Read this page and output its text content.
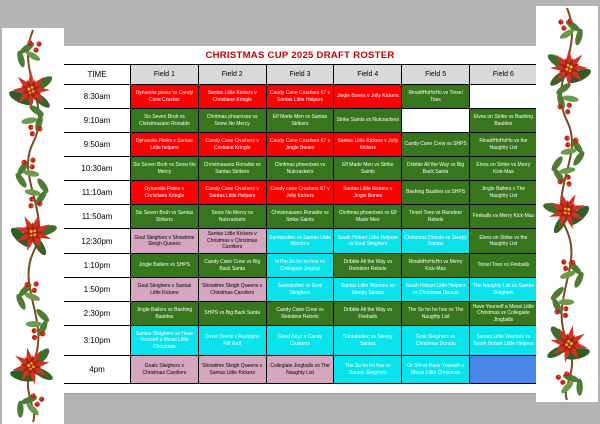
CHRISTMAS CUP 2025 DRAFT ROSTER
TIME	Field 1	Field 2	Field 3	Field 4	Field 5	Field 6
8:30am	Dynamite pixies vs Candy Cane Crusher	Santas Little Kickers v Christiano Kringle	Candy Cane Crushers 67 v Santas Little Helpers	Jingle Bones v Jolly Kickers	RinaldHoHoHo vs Tinsel Toes	
9:10am	Six Seven Bruh vs Christmasano Ronaldo	Chritmas phoenixes vs Snow No Mercy	Elf Made Men vs Santas Strikers	Strike Saints vs Nutcrackers		Elves on Strike vs Bashing Baubles
9:50am	Dynamite Pixies v Santas Little helpers	Candy Cane Crushers v Cristiano Kringle	Candy Cane Crushers 67 v Jingle Bones	Santas Little Kickers v Jolly Kickers	Candy Cane Crew vs SHPS	RinaldHoHoHo vs the Naughty List
10:30am	Six Seven Bruh vs Snow No Mercy	Christmasano Ronaldo vs Santas Strikers	Chritmas phoenixes vs Nutcrackers	Elf Made Men vs Strike Saints	Dribble All the Way vs Big Back Santa	Elves on Strike vs Merry Kick-Mas
11:10am	Dynamite Pixies v Christiano Kringle	Candy Cane Crushers v Santas Little Helpers	Candy cane Crushers 67 v Jolly Kickers	Santas Little Kickers v Jingle Bones	Bashing Baubles vs SHPS	Jingle Ballers v The Naughty List
11:50am	Six Seven Bruh vs Santas Strikers	Snow No Mercy vs Nutcrackers	Christmasano Ronaldo vs Strike Saints	Chritmas phoenixes vs Elf Made Men	Tinsel Toes vs Reindeer Rebels	Fireballs vs Merry Kick-Mas
12:30pm	Goal Sleighers v Showtime Sleigh Queens	Santas Little Kickers v Christmas v Christmas Carollers	Santaboltec vs Santas Little Warriors	South Hobart Little Helpers vs Goal Sleighers	Christmas Donuts vs Sleepy Santas	Elves on Strike vs the Naughty List
1:10pm	Jingle Ballers vs SHPS	Candy Cane Crew vs Big Back Santa	IsThe So ho ho hos vs Collegiate Jingbal	Dribble All the Way vs Reindeer Rebels	RinaldHoHoHo vs Merry Kick-Mas	Tinsel Toes vs Fireballs
1:50pm	Goal Sleighers v Santas Little Kickers	Showtime Sleigh Queens v Christmas Carollers	Santaboltec vs Goal Sleighers	Santas Little Warriors vs Sleepy Santas	South Hobart Little Helpers vs Christmas Donuts	The Naughty List vs Santas Sleighers
2:30pm	Jingle Ballers vs Bashing Baubles	SHPS vs Big Back Santa	Candy Cane Crew vs Reindeer Rebels	Dribble All the Way vs Fireballs	The So ho ho hos vs The Naughty List	Have Yourself a Messi Little Christmas vs Collegiate Jingballs
3:10pm	Santas Sleighers vs Have Yourself a Messi Little Christmas	Dover Devils v Rudolphs Riff Raff	Good Boyz v Candy Crushers	Santaboltec vs Sleepy Santas	Goal Sleighers vs Christmas Donuts	Santas Little Warriors vs South Hobart Little Helpers
4pm	Goals Sleighers v Christmas Carollers	Showtime Sleigh Queens v Santas Little Kickers	Collegiate Jingballs vs The Naughty List	The So ho ho hos vs Santas Sleighers	Gr 3/4 vs Have Yourself a Messi Little Christmas	
